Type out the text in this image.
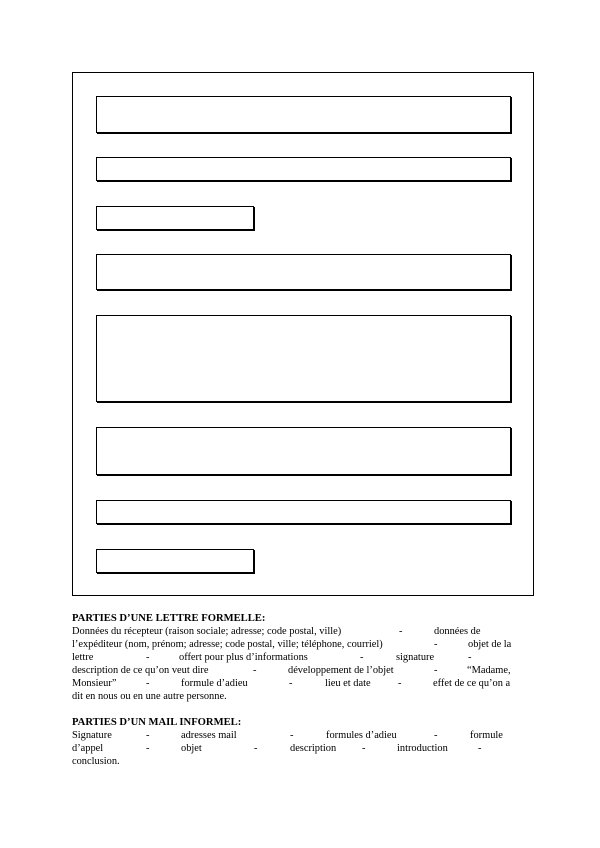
PARTIES D’UNE LETTRE FORMELLE:
Données du récepteur (raison sociale; adresse; code postal, ville)	-	données de
l’expéditeur (nom, prénom; adresse; code postal, ville; téléphone, courriel)	-	objet de la
lettre	-	offert pour plus d’informations	-	signature	-
description de ce qu’on veut dire	-	développement de l’objet	-	“Madame,
Monsieur”	-	formule d’adieu	-	lieu et date	-	effet de ce qu’on a
dit en nous ou en une autre personne.
PARTIES D’UN MAIL INFORMEL:
Signature	-	adresses mail	-	formules d’adieu	-	formule
d’appel	-	objet	-	description -	introduction	-
conclusion.
